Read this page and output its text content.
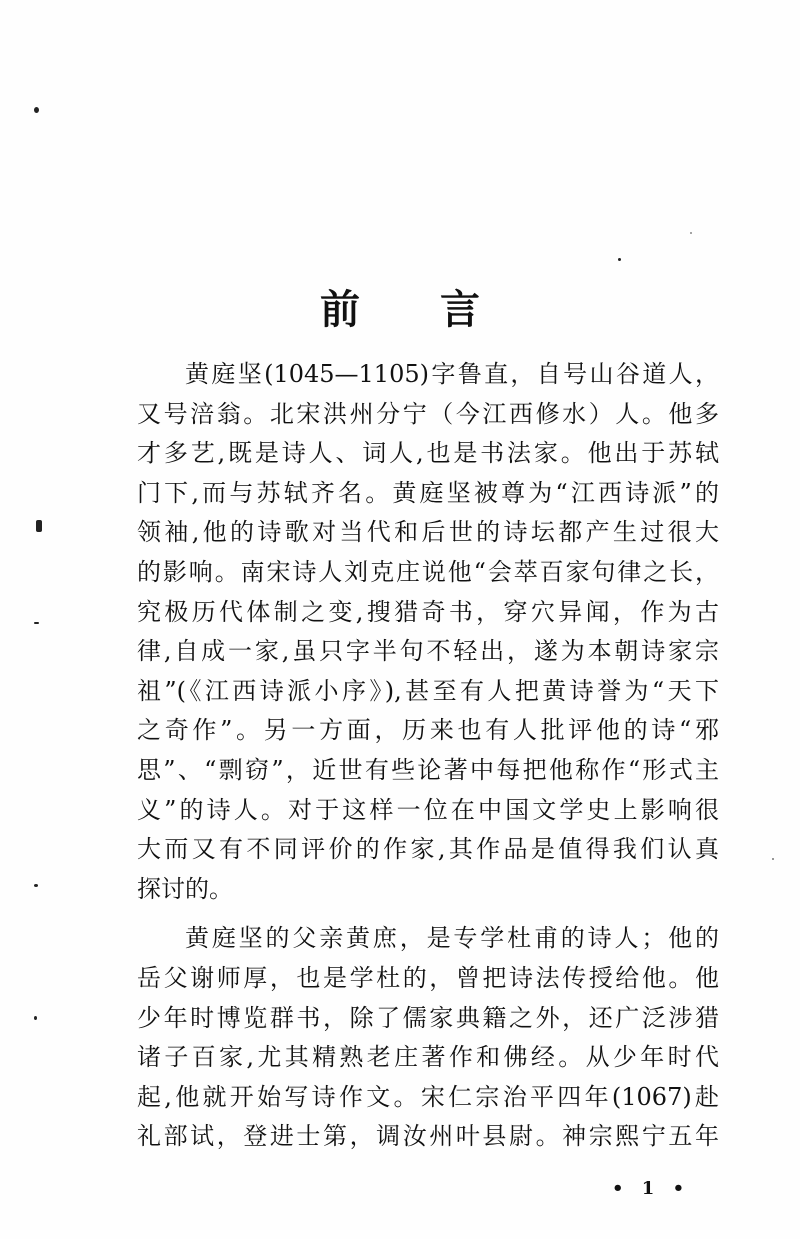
前 言
黄庭坚(1045—1105)字鲁直，自号山谷道人，
又号涪翁。北宋洪州分宁（今江西修水）人。他多
才多艺,既是诗人、词人,也是书法家。他出于苏轼
门下,而与苏轼齐名。黄庭坚被尊为“江西诗派”的
领袖,他的诗歌对当代和后世的诗坛都产生过很大
的影响。南宋诗人刘克庄说他“会萃百家句律之长，
究极历代体制之变,搜猎奇书，穿穴异闻，作为古
律,自成一家,虽只字半句不轻出，遂为本朝诗家宗
祖”(《江西诗派小序》),甚至有人把黄诗誉为“天下
之奇作”。另一方面，历来也有人批评他的诗“邪
思”、“剽窃”，近世有些论著中每把他称作“形式主
义”的诗人。对于这样一位在中国文学史上影响很
大而又有不同评价的作家,其作品是值得我们认真
探讨的。
黄庭坚的父亲黄庶，是专学杜甫的诗人；他的
岳父谢师厚，也是学杜的，曾把诗法传授给他。他
少年时博览群书，除了儒家典籍之外，还广泛涉猎
诸子百家,尤其精熟老庄著作和佛经。从少年时代
起,他就开始写诗作文。宋仁宗治平四年(1067)赴
礼部试，登进士第，调汝州叶县尉。神宗熙宁五年
• 1 •
